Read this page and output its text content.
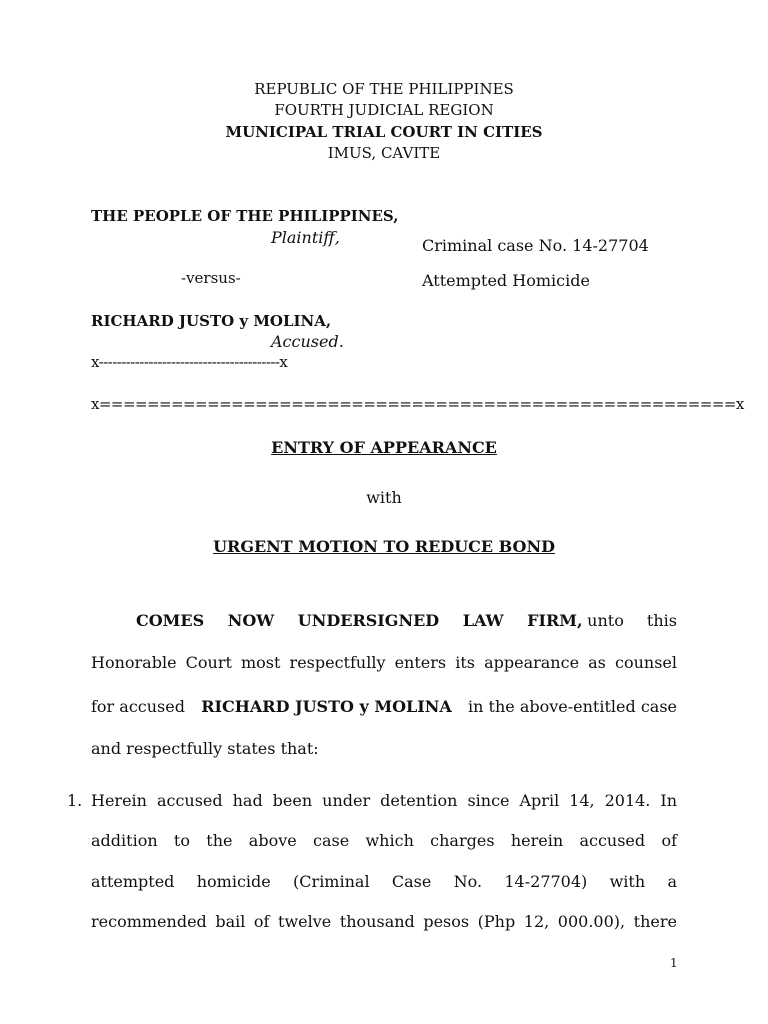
REPUBLIC OF THE PHILIPPINES
FOURTH JUDICIAL REGION
MUNICIPAL TRIAL COURT IN CITIES
IMUS, CAVITE
THE PEOPLE OF THE PHILIPPINES,
Plaintiff,	Criminal case No. 14-27704
-versus-	Attempted Homicide
RICHARD JUSTO y MOLINA,
Accused.
x----------------------------------------x
x=====================================================x
ENTRY OF APPEARANCE
with
URGENT MOTION TO REDUCE BOND
COMES NOW UNDERSIGNED LAW FIRM, unto this
Honorable Court most respectfully enters its appearance as counsel
for accused RICHARD JUSTO y MOLINA in the above-entitled case
and respectfully states that:
1. Herein accused had been under detention since April 14, 2014. In
addition to the above case which charges herein accused of
attempted homicide (Criminal Case No. 14-27704) with a
recommended bail of twelve thousand pesos (Php 12, 000.00), there
1
